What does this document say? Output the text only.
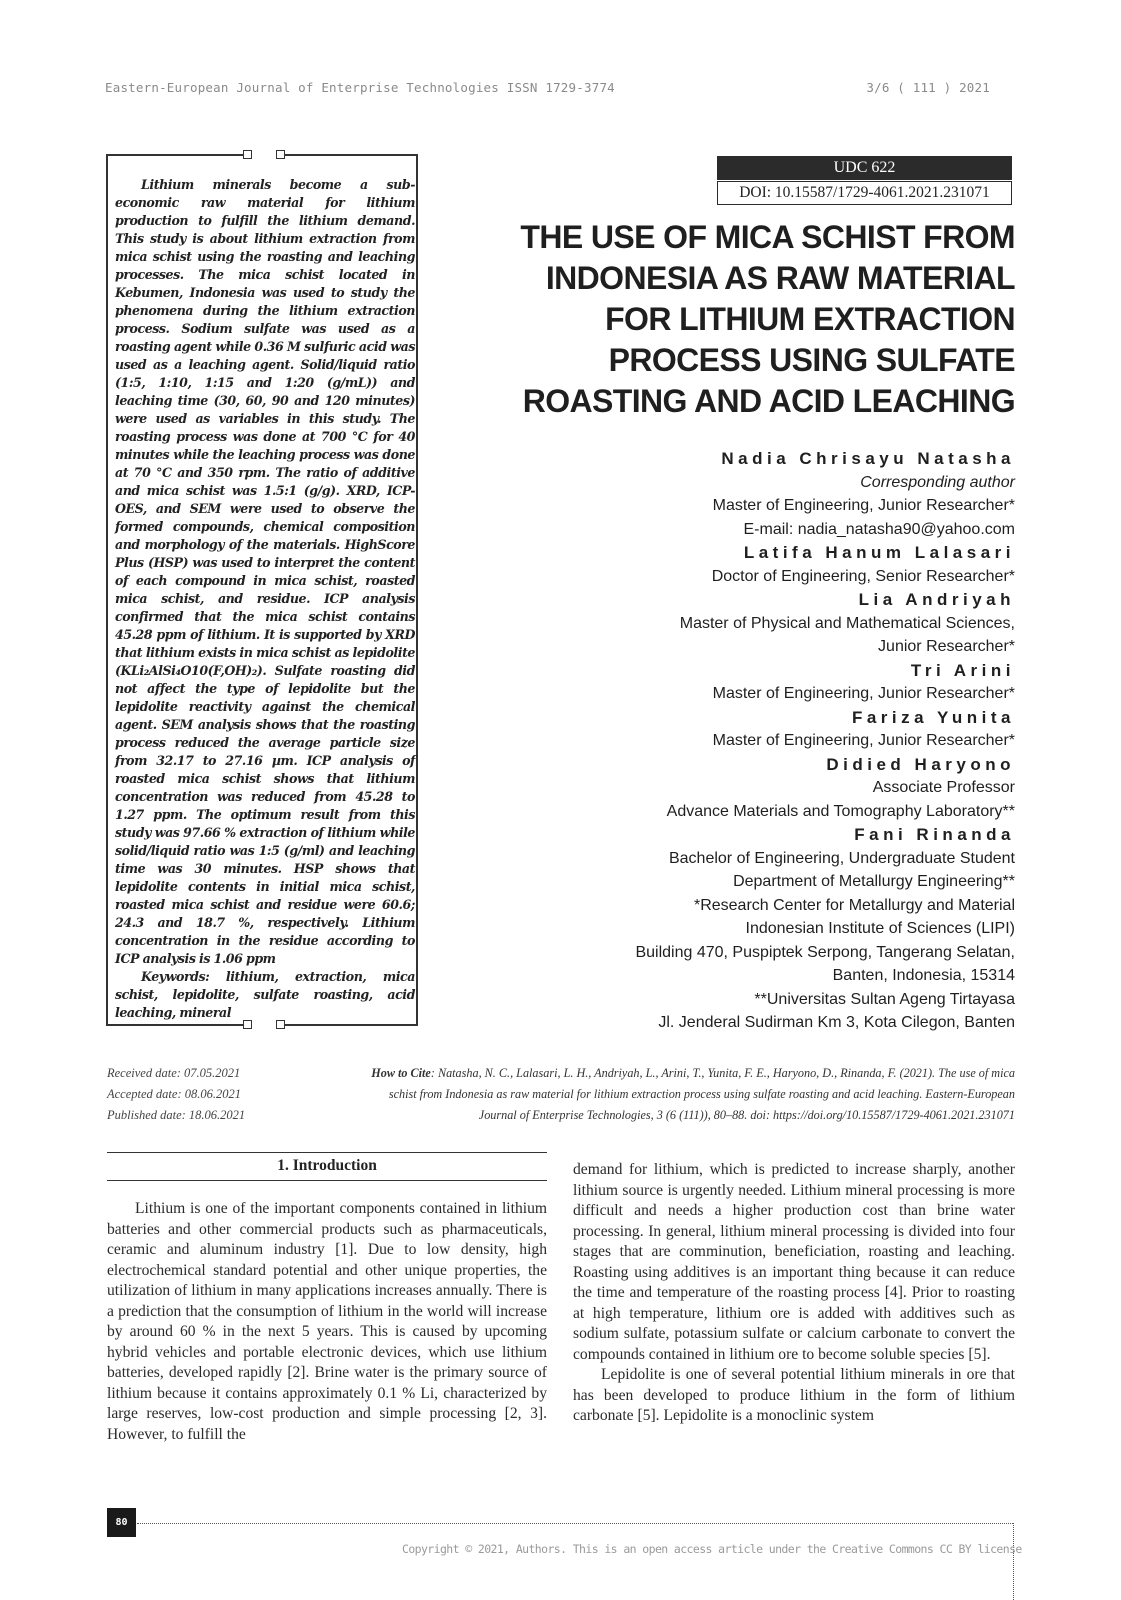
Eastern-European Journal of Enterprise Technologies ISSN 1729-3774	3/6 ( 111 ) 2021

Lithium minerals become a sub-economic raw material for lithium production to fulfill the lithium demand. This study is about lithium extraction from mica schist using the roasting and leaching processes. The mica schist located in Kebumen, Indonesia was used to study the phenomena during the lithium extraction process. Sodium sulfate was used as a roasting agent while 0.36 M sulfuric acid was used as a leaching agent. Solid/liquid ratio (1:5, 1:10, 1:15 and 1:20 (g/mL)) and leaching time (30, 60, 90 and 120 minutes) were used as variables in this study. The roasting process was done at 700 °C for 40 minutes while the leaching process was done at 70 °C and 350 rpm. The ratio of additive and mica schist was 1.5:1 (g/g). XRD, ICP-OES, and SEM were used to observe the formed compounds, chemical composition and morphology of the materials. HighScore Plus (HSP) was used to interpret the content of each compound in mica schist, roasted mica schist, and residue. ICP analysis confirmed that the mica schist contains 45.28 ppm of lithium. It is supported by XRD that lithium exists in mica schist as lepidolite (KLi₂AlSi₄O10(F,OH)₂). Sulfate roasting did not affect the type of lepidolite but the lepidolite reactivity against the chemical agent. SEM analysis shows that the roasting process reduced the average particle size from 32.17 to 27.16 µm. ICP analysis of roasted mica schist shows that lithium concentration was reduced from 45.28 to 1.27 ppm. The optimum result from this study was 97.66 % extraction of lithium while solid/liquid ratio was 1:5 (g/ml) and leaching time was 30 minutes. HSP shows that lepidolite contents in initial mica schist, roasted mica schist and residue were 60.6; 24.3 and 18.7 %, respectively. Lithium concentration in the residue according to ICP analysis is 1.06 ppm

Keywords: lithium, extraction, mica schist, lepidolite, sulfate roasting, acid leaching, mineral

UDC 622
DOI: 10.15587/1729-4061.2021.231071
THE USE OF MICA SCHIST FROM
INDONESIA AS RAW MATERIAL
FOR LITHIUM EXTRACTION
PROCESS USING SULFATE
ROASTING AND ACID LEACHING
Nadia Chrisayu Natasha
Corresponding author
Master of Engineering, Junior Researcher*
E-mail: nadia_natasha90@yahoo.com
Latifa Hanum Lalasari
Doctor of Engineering, Senior Researcher*
Lia Andriyah
Master of Physical and Mathematical Sciences,
Junior Researcher*
Tri Arini
Master of Engineering, Junior Researcher*
Fariza Yunita
Master of Engineering, Junior Researcher*
Didied Haryono
Associate Professor
Advance Materials and Tomography Laboratory**
Fani Rinanda
Bachelor of Engineering, Undergraduate Student
Department of Metallurgy Engineering**
*Research Center for Metallurgy and Material
Indonesian Institute of Sciences (LIPI)
Building 470, Puspiptek Serpong, Tangerang Selatan,
Banten, Indonesia, 15314
**Universitas Sultan Ageng Tirtayasa
Jl. Jenderal Sudirman Km 3, Kota Cilegon, Banten
Received date: 07.05.2021
Accepted date: 08.06.2021
Published date: 18.06.2021
How to Cite: Natasha, N. C., Lalasari, L. H., Andriyah, L., Arini, T., Yunita, F. E., Haryono, D., Rinanda, F. (2021). The use of mica
schist from Indonesia as raw material for lithium extraction process using sulfate roasting and acid leaching. Eastern-European
Journal of Enterprise Technologies, 3 (6 (111)), 80–88. doi: https://doi.org/10.15587/1729-4061.2021.231071
1. Introduction

Lithium is one of the important components contained in lithium batteries and other commercial products such as pharmaceuticals, ceramic and aluminum industry [1]. Due to low density, high electrochemical standard potential and other unique properties, the utilization of lithium in many applications increases annually. There is a prediction that the consumption of lithium in the world will increase by around 60 % in the next 5 years. This is caused by upcoming hybrid vehicles and portable electronic devices, which use lithium batteries, developed rapidly [2]. Brine water is the primary source of lithium because it contains approximately 0.1 % Li, characterized by large reserves, low-cost production and simple processing [2, 3]. However, to fulfill the

demand for lithium, which is predicted to increase sharply, another lithium source is urgently needed. Lithium mineral processing is more difficult and needs a higher production cost than brine water processing. In general, lithium mineral processing is divided into four stages that are comminution, beneficiation, roasting and leaching. Roasting using additives is an important thing because it can reduce the time and temperature of the roasting process [4]. Prior to roasting at high temperature, lithium ore is added with additives such as sodium sulfate, potassium sulfate or calcium carbonate to convert the compounds contained in lithium ore to become soluble species [5].

Lepidolite is one of several potential lithium minerals in ore that has been developed to produce lithium in the form of lithium carbonate [5]. Lepidolite is a monoclinic system

80
Copyright © 2021, Authors. This is an open access article under the Creative Commons CC BY license
